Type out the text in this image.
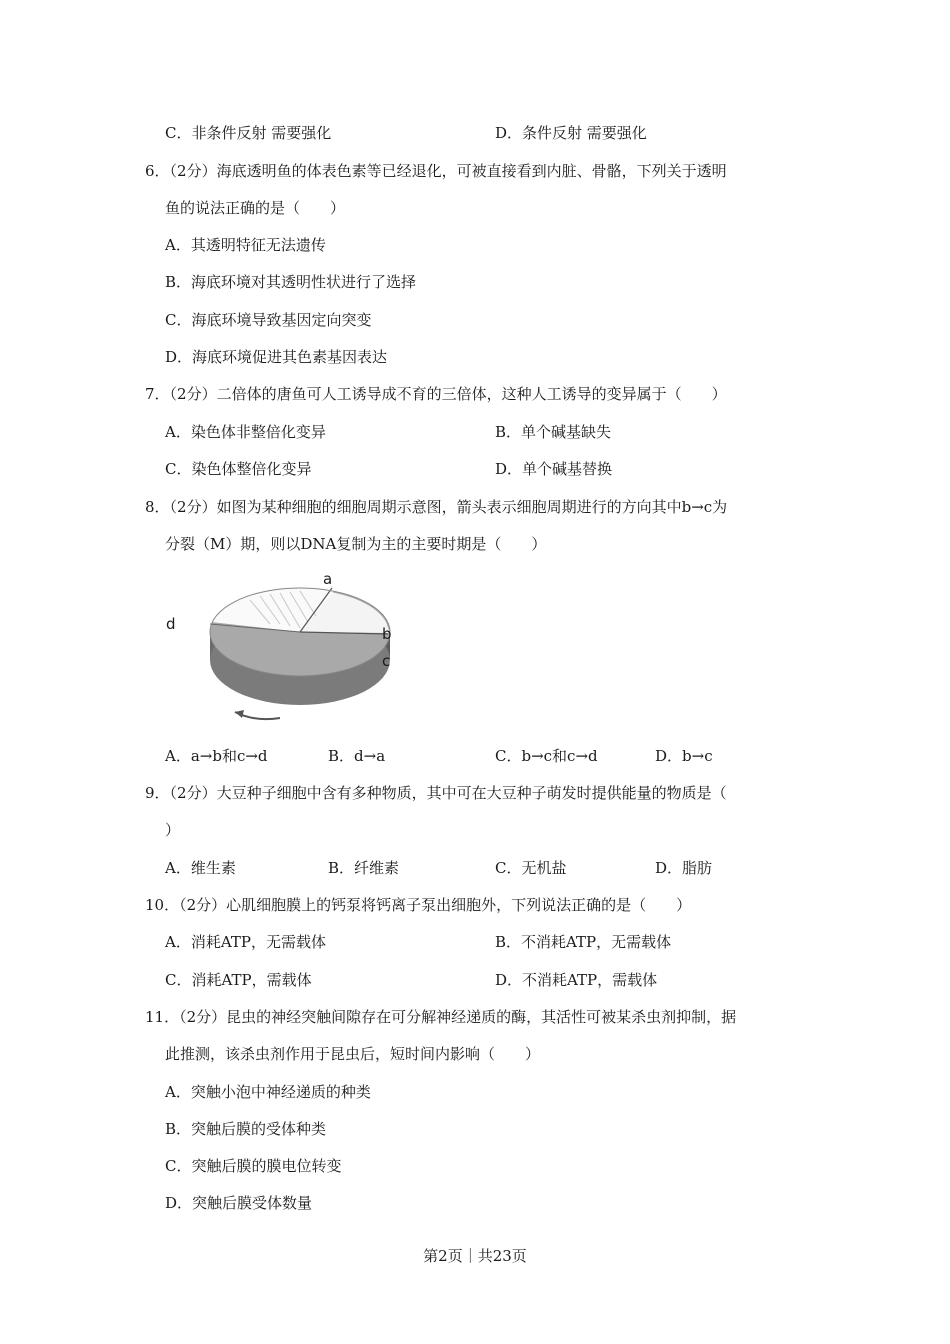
C．非条件反射 需要强化	D．条件反射 需要强化
6．（2分）海底透明鱼的体表色素等已经退化，可被直接看到内脏、骨骼，下列关于透明
鱼的说法正确的是（　　）
A．其透明特征无法遗传
B．海底环境对其透明性状进行了选择
C．海底环境导致基因定向突变
D．海底环境促进其色素基因表达
7．（2分）二倍体的唐鱼可人工诱导成不育的三倍体，这种人工诱导的变异属于（　　）
A．染色体非整倍化变异	B．单个碱基缺失
C．染色体整倍化变异	D．单个碱基替换
8．（2分）如图为某种细胞的细胞周期示意图，箭头表示细胞周期进行的方向其中b→c为
分裂（M）期，则以DNA复制为主的主要时期是（　　）
a
b
c
d
A．a→b和c→d	B．d→a	C．b→c和c→d	D．b→c
9．（2分）大豆种子细胞中含有多种物质，其中可在大豆种子萌发时提供能量的物质是（
）
A．维生素	B．纤维素	C．无机盐	D．脂肪
10．（2分）心肌细胞膜上的钙泵将钙离子泵出细胞外，下列说法正确的是（　　）
A．消耗ATP，无需载体	B．不消耗ATP，无需载体
C．消耗ATP，需载体	D．不消耗ATP，需载体
11．（2分）昆虫的神经突触间隙存在可分解神经递质的酶，其活性可被某杀虫剂抑制，据
此推测，该杀虫剂作用于昆虫后，短时间内影响（　　）
A．突触小泡中神经递质的种类
B．突触后膜的受体种类
C．突触后膜的膜电位转变
D．突触后膜受体数量
第2页｜共23页
